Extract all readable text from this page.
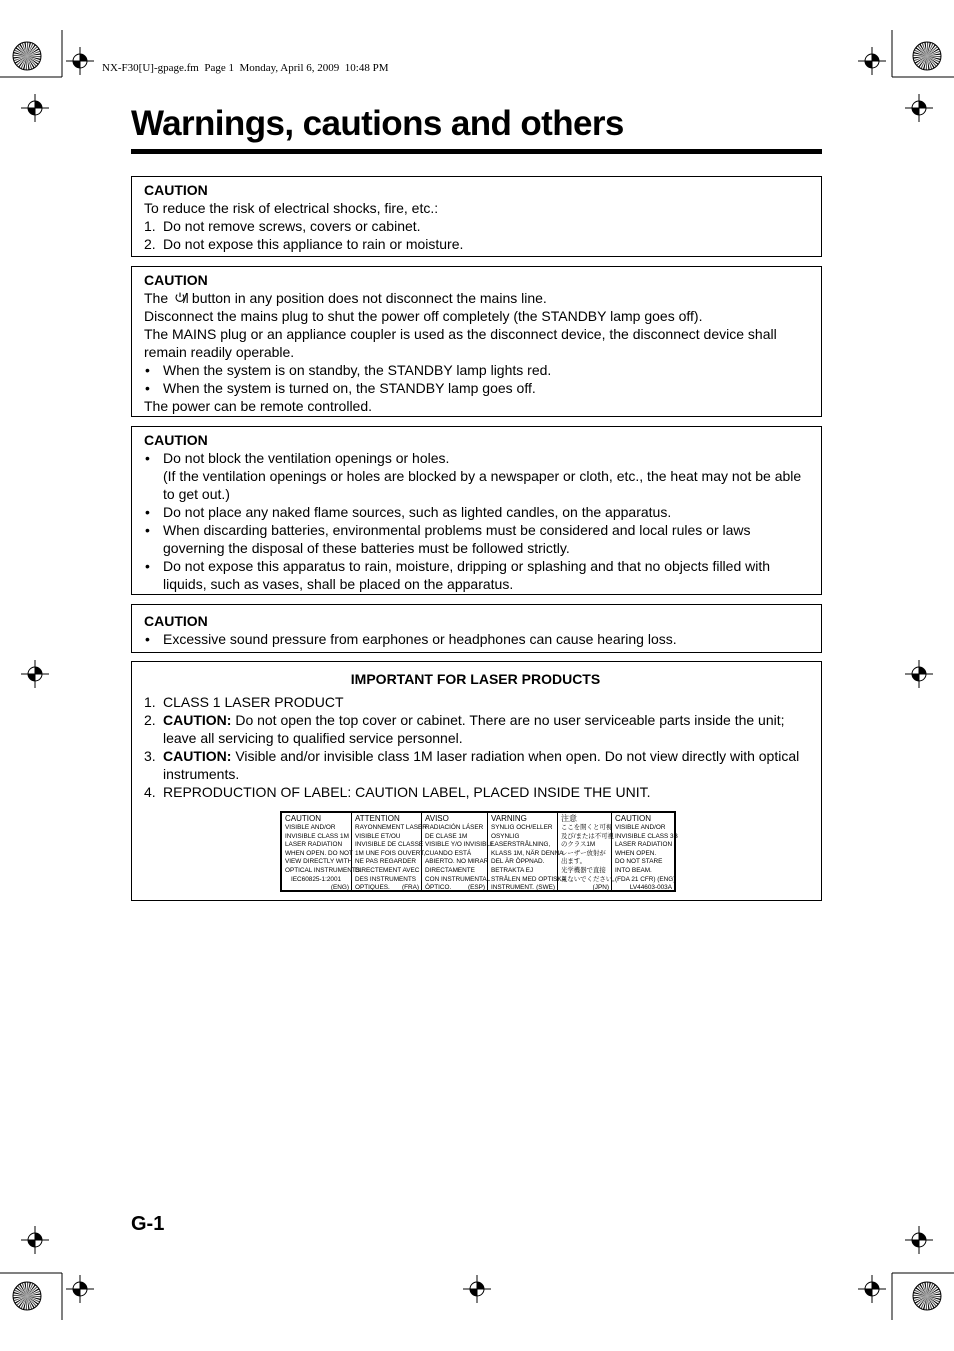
NX-F30[U]-gpage.fm  Page 1  Monday, April 6, 2009  10:48 PM
Warnings, cautions and others

CAUTION

To reduce the risk of electrical shocks, fire, etc.:

1. Do not remove screws, covers or cabinet.
2. Do not expose this appliance to rain or moisture.

CAUTION

The button in any position does not disconnect the mains line.

Disconnect the mains plug to shut the power off completely (the STANDBY lamp goes off).

The MAINS plug or an appliance coupler is used as the disconnect device, the disconnect device shall remain readily operable.

• When the system is on standby, the STANDBY lamp lights red.
• When the system is turned on, the STANDBY lamp goes off.

The power can be remote controlled.

CAUTION

• Do not block the ventilation openings or holes.
(If the ventilation openings or holes are blocked by a newspaper or cloth, etc., the heat may not be able to get out.)
• Do not place any naked flame sources, such as lighted candles, on the apparatus.
• When discarding batteries, environmental problems must be considered and local rules or laws governing the disposal of these batteries must be followed strictly.
• Do not expose this apparatus to rain, moisture, dripping or splashing and that no objects filled with liquids, such as vases, shall be placed on the apparatus.

CAUTION

• Excessive sound pressure from earphones or headphones can cause hearing loss.

IMPORTANT FOR LASER PRODUCTS

1. CLASS 1 LASER PRODUCT
2. CAUTION: Do not open the top cover or cabinet. There are no user serviceable parts inside the unit; leave all servicing to qualified service personnel.
3. CAUTION: Visible and/or invisible class 1M laser radiation when open. Do not view directly with optical instruments.
4. REPRODUCTION OF LABEL: CAUTION LABEL, PLACED INSIDE THE UNIT.
CAUTION
VISIBLE AND/OR
INVISIBLE CLASS 1M
LASER RADIATION
WHEN OPEN. DO NOT
VIEW DIRECTLY WITH
OPTICAL INSTRUMENTS.
IEC60825-1:2001
(ENG)
ATTENTION
RAYONNEMENT LASER
VISIBLE ET/OU
INVISIBLE DE CLASSE
1M UNE FOIS OUVERT,
NE PAS REGARDER
DIRECTEMENT AVEC
DES INSTRUMENTS
OPTIQUES. (FRA)
AVISO
RADIACIÓN LÁSER
DE CLASE 1M
VISIBLE Y/O INVISIBLE
CUANDO ESTÁ
ABIERTO. NO MIRAR
DIRECTAMENTE
CON INSTRUMENTAL
ÓPTICO.	(ESP)
VARNING
SYNLIG OCH/ELLER
OSYNLIG
LASERSTRÅLNING,
KLASS 1M, NÄR DENNA
DEL ÄR ÖPPNAD.
BETRAKTA EJ
STRÅLEN MED OPTISKA
INSTRUMENT. (SWE)
注意
ここを開くと可視
及び/または不可視
のクラス1M
レーザー放射が
出ます。
光学機器で直接
見ないでください。
(JPN)
CAUTION
VISIBLE AND/OR
INVISIBLE CLASS 3B
LASER RADIATION
WHEN OPEN.
DO NOT STARE
INTO BEAM.
(FDA 21 CFR) (ENG)
LV44603-003A
G-1
